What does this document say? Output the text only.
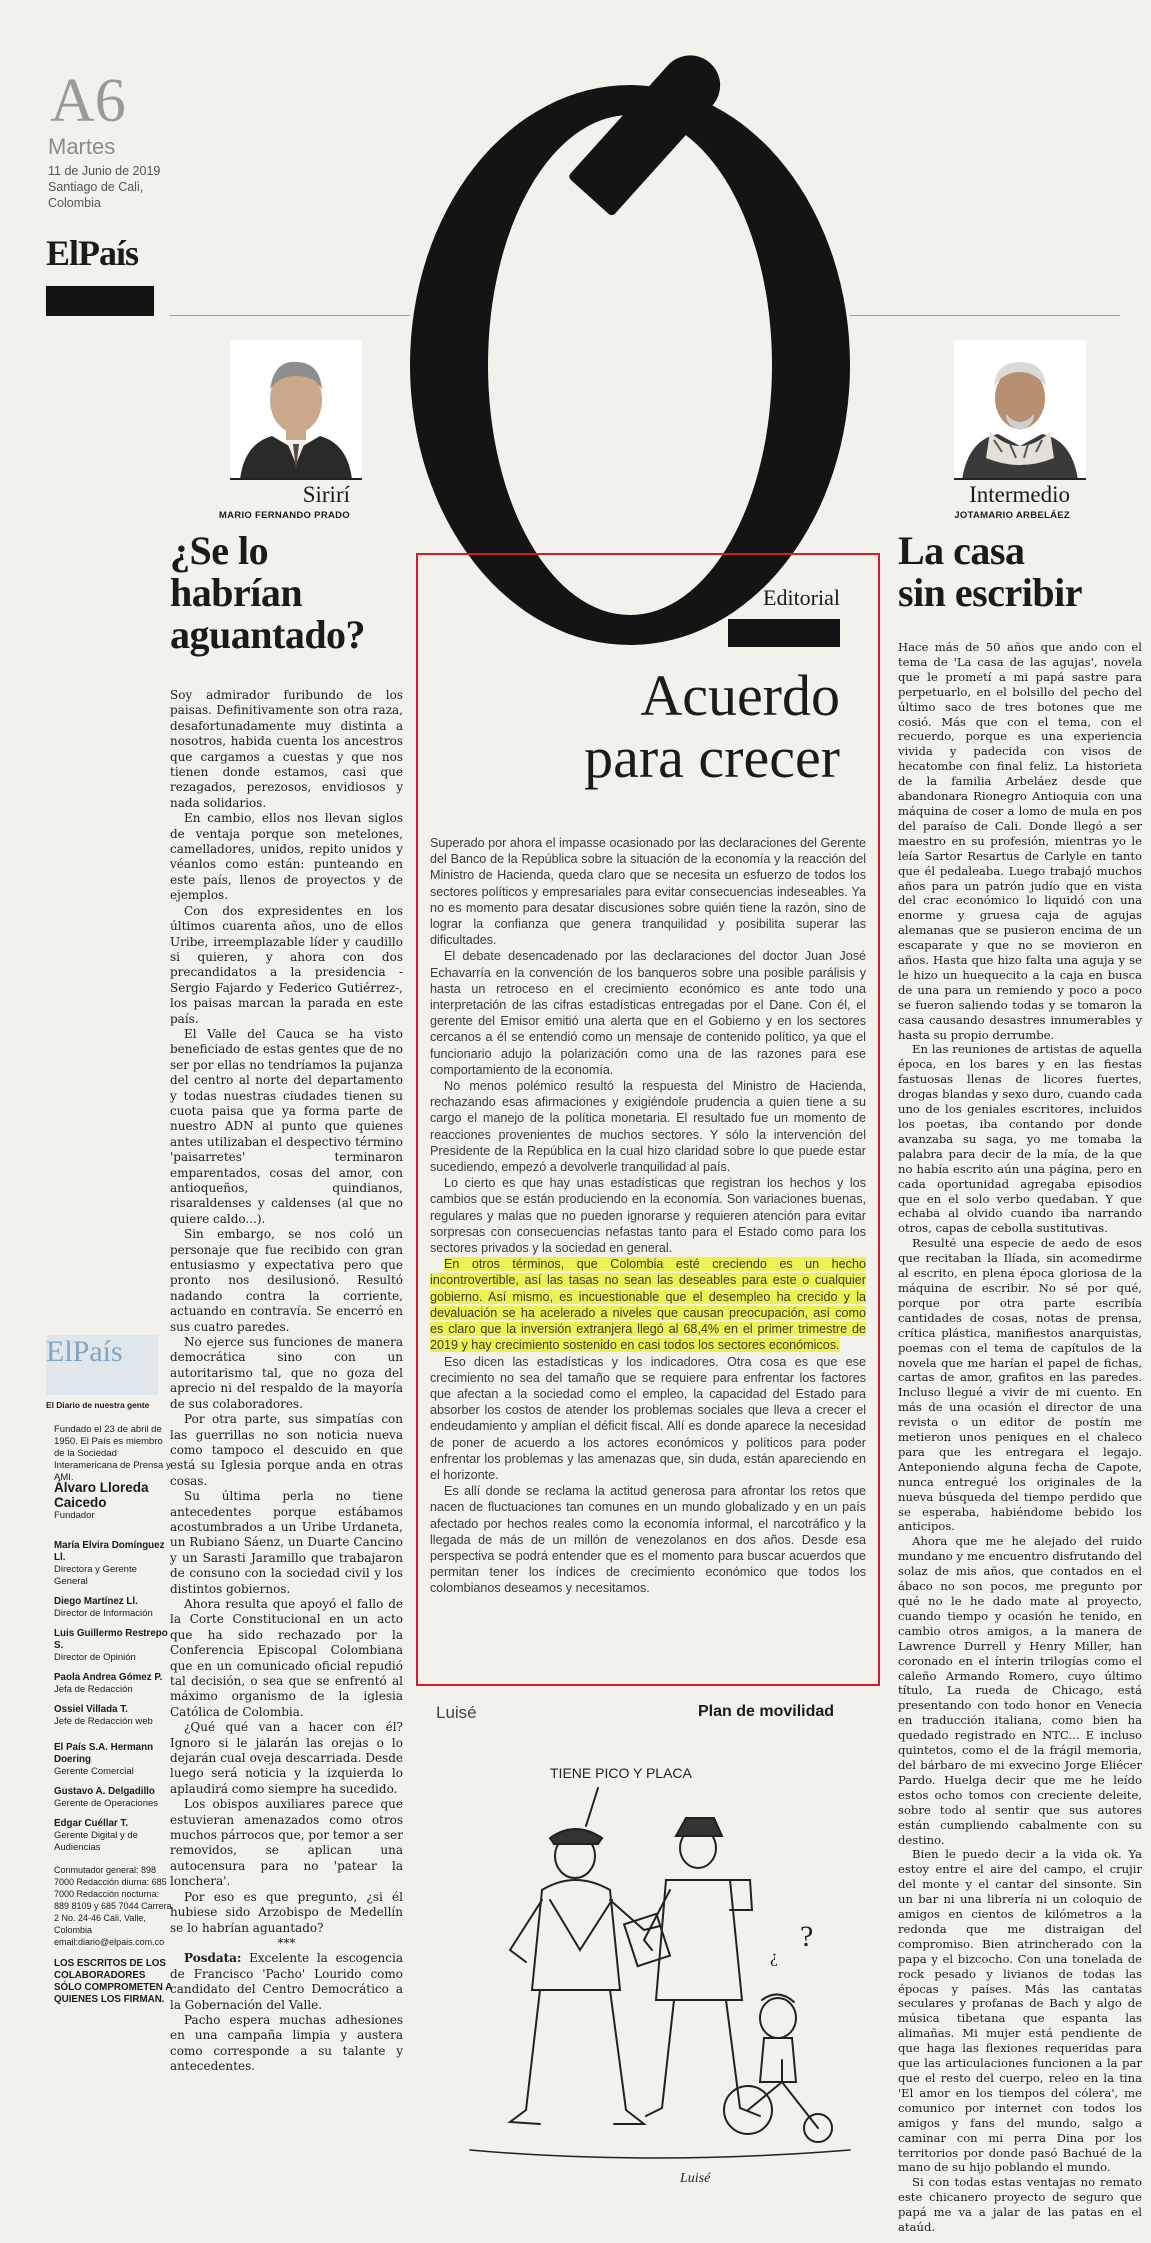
A6
Martes
11 de Junio de 2019 Santiago de Cali, Colombia
ElPaís
Sirirí
MARIO FERNANDO PRADO
Intermedio
JOTAMARIO ARBELÁEZ
¿Se lo habrían aguantado?

Soy admirador furibundo de los paisas. Definitivamente son otra raza, desafortunadamente muy distinta a nosotros, habida cuenta los ancestros que cargamos a cuestas y que nos tienen donde estamos, casi que rezagados, perezosos, envidiosos y nada solidarios.

En cambio, ellos nos llevan siglos de ventaja porque son metelones, camelladores, unidos, repito unidos y véanlos como están: punteando en este país, llenos de proyectos y de ejemplos.

Con dos expresidentes en los últimos cuarenta años, uno de ellos Uribe, irreemplazable líder y caudillo si quieren, y ahora con dos precandidatos a la presidencia -Sergio Fajardo y Federico Gutiérrez-, los paisas marcan la parada en este país.

El Valle del Cauca se ha visto beneficiado de estas gentes que de no ser por ellas no tendríamos la pujanza del centro al norte del departamento y todas nuestras ciudades tienen su cuota paisa que ya forma parte de nuestro ADN al punto que quienes antes utilizaban el despectivo término 'paisarretes' terminaron emparentados, cosas del amor, con antioqueños, quindianos, risaraldenses y caldenses (al que no quiere caldo...).

Sin embargo, se nos coló un personaje que fue recibido con gran entusiasmo y expectativa pero que pronto nos desilusionó. Resultó nadando contra la corriente, actuando en contravía. Se encerró en sus cuatro paredes.

No ejerce sus funciones de manera democrática sino con un autoritarismo tal, que no goza del aprecio ni del respaldo de la mayoría de sus colaboradores.

Por otra parte, sus simpatías con las guerrillas no son noticia nueva como tampoco el descuido en que está su Iglesia porque anda en otras cosas.

Su última perla no tiene antecedentes porque estábamos acostumbrados a un Uribe Urdaneta, un Rubiano Sáenz, un Duarte Cancino y un Sarasti Jaramillo que trabajaron de consuno con la sociedad civil y los distintos gobiernos.

Ahora resulta que apoyó el fallo de la Corte Constitucional en un acto que ha sido rechazado por la Conferencia Episcopal Colombiana que en un comunicado oficial repudió tal decisión, o sea que se enfrentó al máximo organismo de la iglesia Católica de Colombia.

¿Qué qué van a hacer con él? Ignoro si le jalarán las orejas o lo dejarán cual oveja descarriada. Desde luego será noticia y la izquierda lo aplaudirá como siempre ha sucedido.

Los obispos auxiliares parece que estuvieran amenazados como otros muchos párrocos que, por temor a ser removidos, se aplican una autocensura para no 'patear la lonchera'.

Por eso es que pregunto, ¿si él hubiese sido Arzobispo de Medellín se lo habrían aguantado?

***

Posdata: Excelente la escogencia de Francisco 'Pacho' Lourido como candidato del Centro Democrático a la Gobernación del Valle.

Pacho espera muchas adhesiones en una campaña limpia y austera como corresponde a su talante y antecedentes.

Editorial
Acuerdo
para crecer

Superado por ahora el impasse ocasionado por las declaraciones del Gerente del Banco de la República sobre la situación de la economía y la reacción del Ministro de Hacienda, queda claro que se necesita un esfuerzo de todos los sectores políticos y empresariales para evitar consecuencias indeseables. Ya no es momento para desatar discusiones sobre quién tiene la razón, sino de lograr la confianza que genera tranquilidad y posibilita superar las dificultades.

El debate desencadenado por las declaraciones del doctor Juan José Echavarría en la convención de los banqueros sobre una posible parálisis y hasta un retroceso en el crecimiento económico es ante todo una interpretación de las cifras estadísticas entregadas por el Dane. Con él, el gerente del Emisor emitió una alerta que en el Gobierno y en los sectores cercanos a él se entendió como un mensaje de contenido político, ya que el funcionario adujo la polarización como una de las razones para ese comportamiento de la economía.

No menos polémico resultó la respuesta del Ministro de Hacienda, rechazando esas afirmaciones y exigiéndole prudencia a quien tiene a su cargo el manejo de la política monetaria. El resultado fue un momento de reacciones provenientes de muchos sectores. Y sólo la intervención del Presidente de la República en la cual hizo claridad sobre lo que puede estar sucediendo, empezó a devolverle tranquilidad al país.

Lo cierto es que hay unas estadísticas que registran los hechos y los cambios que se están produciendo en la economía. Son variaciones buenas, regulares y malas que no pueden ignorarse y requieren atención para evitar sorpresas con consecuencias nefastas tanto para el Estado como para los sectores privados y la sociedad en general.

En otros términos, que Colombia esté creciendo es un hecho incontrovertible, así las tasas no sean las deseables para este o cualquier gobierno. Así mismo, es incuestionable que el desempleo ha crecido y la devaluación se ha acelerado a niveles que causan preocupación, así como es claro que la inversión extranjera llegó al 68,4% en el primer trimestre de 2019 y hay crecimiento sostenido en casi todos los sectores económicos.

Eso dicen las estadísticas y los indicadores. Otra cosa es que ese crecimiento no sea del tamaño que se requiere para enfrentar los factores que afectan a la sociedad como el empleo, la capacidad del Estado para absorber los costos de atender los problemas sociales que lleva a crecer el endeudamiento y amplían el déficit fiscal. Allí es donde aparece la necesidad de poner de acuerdo a los actores económicos y políticos para poder enfrentar los problemas y las amenazas que, sin duda, están apareciendo en el horizonte.

Es allí donde se reclama la actitud generosa para afrontar los retos que nacen de fluctuaciones tan comunes en un mundo globalizado y en un país afectado por hechos reales como la economía informal, el narcotráfico y la llegada de más de un millón de venezolanos en dos años. Desde esa perspectiva se podrá entender que es el momento para buscar acuerdos que permitan tener los índices de crecimiento económico que todos los colombianos deseamos y necesitamos.

La casa
sin escribir

Hace más de 50 años que ando con el tema de 'La casa de las agujas', novela que le prometí a mi papá sastre para perpetuarlo, en el bolsillo del pecho del último saco de tres botones que me cosió. Más que con el tema, con el recuerdo, porque es una experiencia vivida y padecida con visos de hecatombe con final feliz. La historieta de la familia Arbeláez desde que abandonara Rionegro Antioquia con una máquina de coser a lomo de mula en pos del paraíso de Cali. Donde llegó a ser maestro en su profesión, mientras yo le leía Sartor Resartus de Carlyle en tanto que él pedaleaba. Luego trabajó muchos años para un patrón judío que en vista del crac económico lo liquidó con una enorme y gruesa caja de agujas alemanas que se pusieron encima de un escaparate y que no se movieron en años. Hasta que hizo falta una aguja y se le hizo un huequecito a la caja en busca de una para un remiendo y poco a poco se fueron saliendo todas y se tomaron la casa causando desastres innumerables y hasta su propio derrumbe.

En las reuniones de artistas de aquella época, en los bares y en las fiestas fastuosas llenas de licores fuertes, drogas blandas y sexo duro, cuando cada uno de los geniales escritores, incluidos los poetas, iba contando por donde avanzaba su saga, yo me tomaba la palabra para decir de la mía, de la que no había escrito aún una página, pero en cada oportunidad agregaba episodios que en el solo verbo quedaban. Y que echaba al olvido cuando iba narrando otros, capas de cebolla sustitutivas.

Resulté una especie de aedo de esos que recitaban la Ilíada, sin acomedirme al escrito, en plena época gloriosa de la máquina de escribir. No sé por qué, porque por otra parte escribía cantidades de cosas, notas de prensa, crítica plástica, manifiestos anarquistas, poemas con el tema de capítulos de la novela que me harían el papel de fichas, cartas de amor, grafitos en las paredes. Incluso llegué a vivir de mi cuento. En más de una ocasión el director de una revista o un editor de postín me metieron unos peniques en el chaleco para que les entregara el legajo. Anteponiendo alguna fecha de Capote, nunca entregué los originales de la nueva búsqueda del tiempo perdido que se esperaba, habiéndome bebido los anticipos.

Ahora que me he alejado del ruido mundano y me encuentro disfrutando del solaz de mis años, que contados en el ábaco no son pocos, me pregunto por qué no le he dado mate al proyecto, cuando tiempo y ocasión he tenido, en cambio otros amigos, a la manera de Lawrence Durrell y Henry Miller, han coronado en el ínterin trilogías como el caleño Armando Romero, cuyo último título, La rueda de Chicago, está presentando con todo honor en Venecia en traducción italiana, como bien ha quedado registrado en NTC... E incluso quintetos, como el de la frágil memoria, del bárbaro de mi exvecino Jorge Eliécer Pardo. Huelga decir que me he leído estos ocho tomos con creciente deleite, sobre todo al sentir que sus autores están cumpliendo cabalmente con su destino.

Bien le puedo decir a la vida ok. Ya estoy entre el aire del campo, el crujir del monte y el cantar del sinsonte. Sin un bar ni una librería ni un coloquio de amigos en cientos de kilómetros a la redonda que me distraigan del compromiso. Bien atrincherado con la papa y el bizcocho. Con una tonelada de rock pesado y livianos de todas las épocas y países. Más las cantatas seculares y profanas de Bach y algo de música tibetana que espanta las alimañas. Mi mujer está pendiente de que haga las flexiones requeridas para que las articulaciones funcionen a la par que el resto del cuerpo, releo en la tina 'El amor en los tiempos del cólera', me comunico por internet con todos los amigos y fans del mundo, salgo a caminar con mi perra Dina por los territorios por donde pasó Bachué de la mano de su hijo poblando el mundo.

Si con todas estas ventajas no remato este chicanero proyecto de seguro que papá me va a jalar de las patas en el ataúd.

ElPaís
El Diario de nuestra gente
Fundado el 23 de abril de 1950. El País es miembro de la Sociedad Interamericana de Prensa y AMI.
Álvaro Lloreda Caicedo
Fundador
María Elvira Domínguez Ll.
Directora y Gerente General
Diego Martínez Ll.
Director de Información
Luis Guillermo Restrepo S.
Director de Opinión
Paola Andrea Gómez P.
Jefa de Redacción
Ossiel Villada T.
Jefe de Redacción web
El País S.A. Hermann Doering
Gerente Comercial
Gustavo A. Delgadillo
Gerente de Operaciones
Edgar Cuéllar T.
Gerente Digital y de Audiencias
Conmutador general: 898 7000 Redacción diurna: 685 7000 Redacción nocturna: 889 8109 y 685 7044 Carrera 2 No. 24-46 Cali, Valle, Colombia email:diario@elpais.com.co
LOS ESCRITOS DE LOS COLABORADORES SÓLO COMPROMETEN A QUIENES LOS FIRMAN.
Luisé	Plan de movilidad
TIENE PICO Y PLACA
?
¿
Luisé
